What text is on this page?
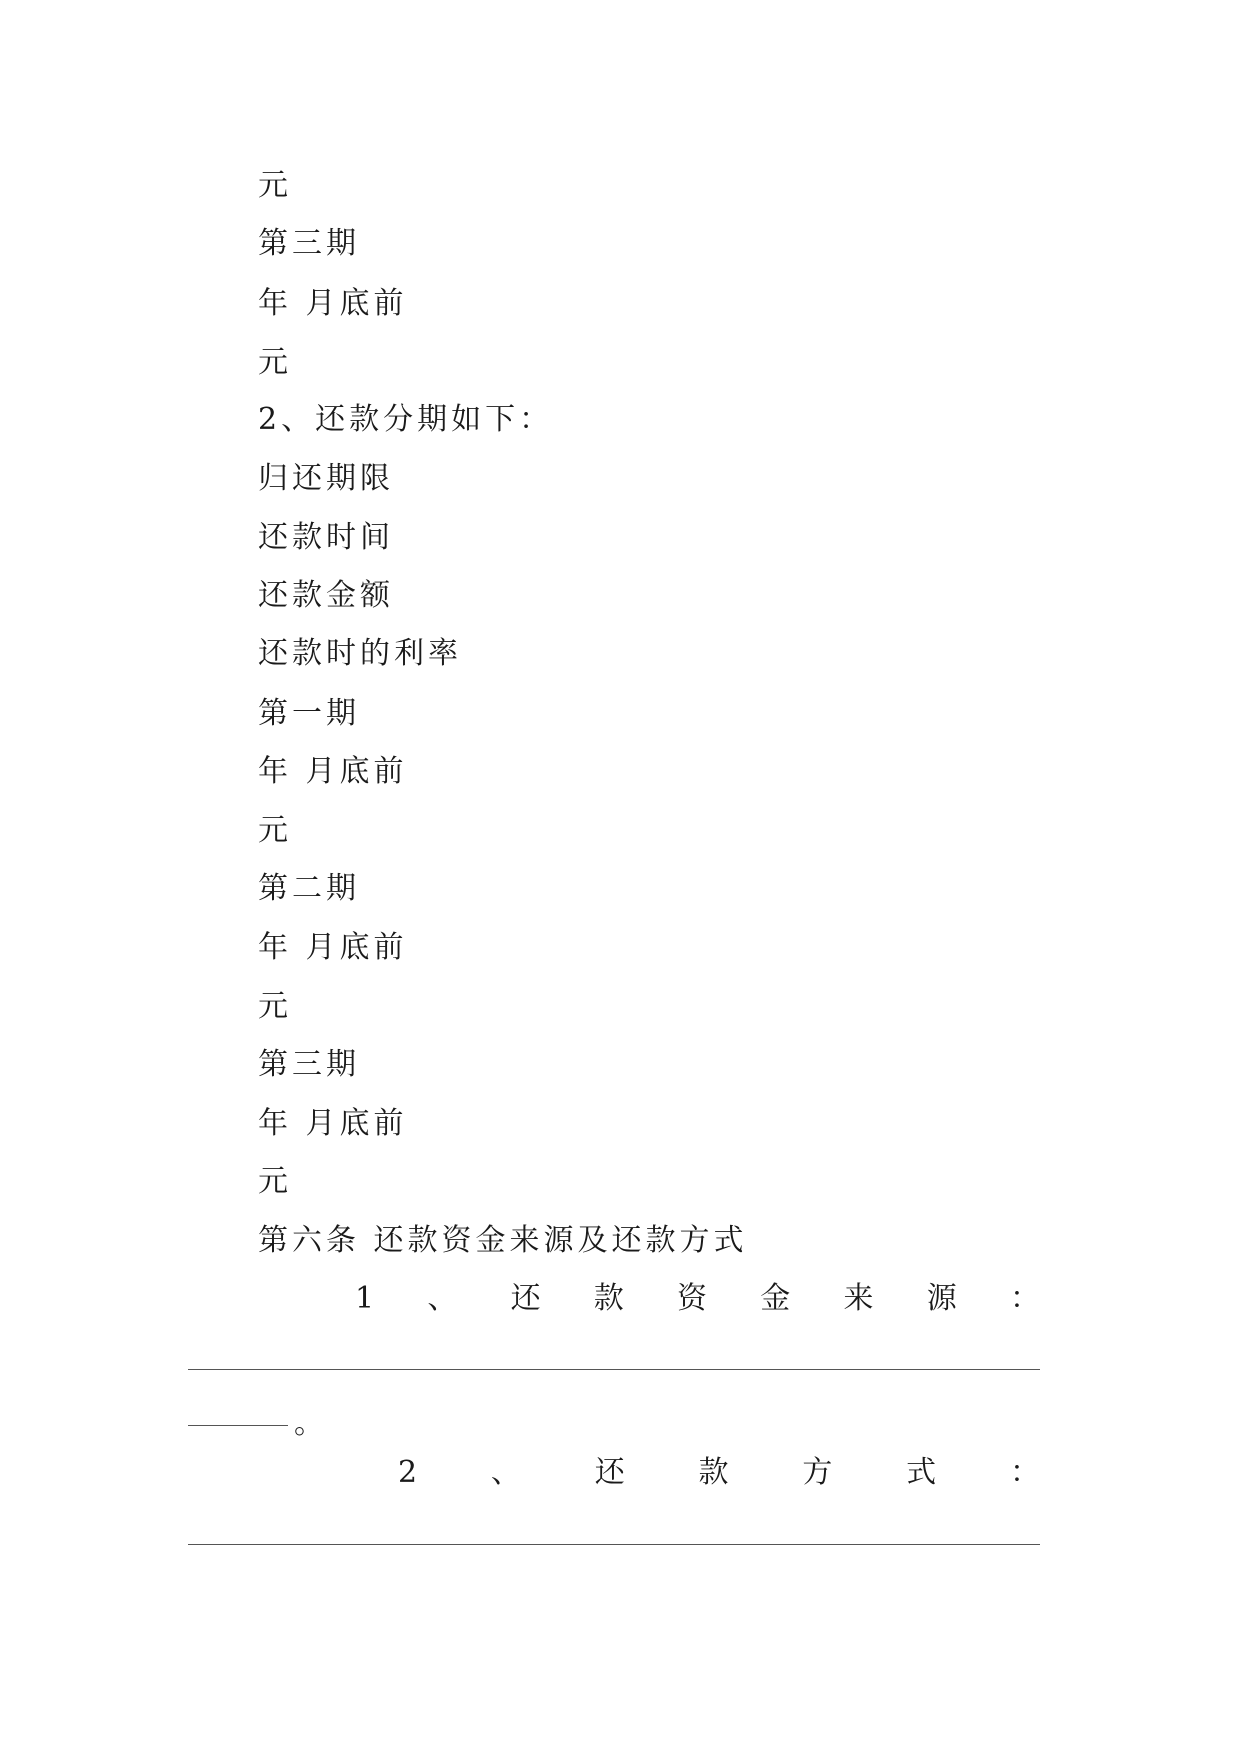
元
第三期
年 月底前
元
2、还款分期如下：
归还期限
还款时间
还款金额
还款时的利率
第一期
年 月底前
元
第二期
年 月底前
元
第三期
年 月底前
元
第六条 还款资金来源及还款方式
1 、 还 款 资 金 来 源 ：
。
2 、 还 款 方 式 ：
